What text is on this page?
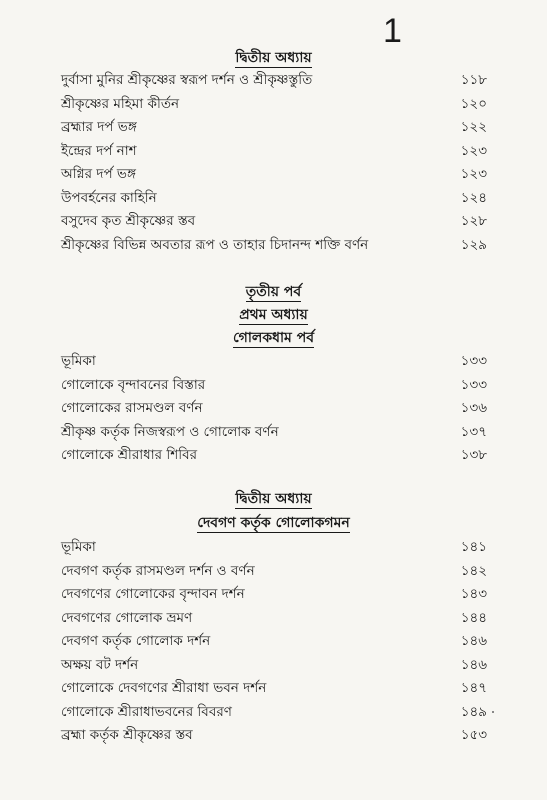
1
দ্বিতীয় অধ্যায়
দুর্বাসা মুনির শ্রীকৃষ্ণের স্বরূপ দর্শন ও শ্রীকৃষ্ণস্তুতি	১১৮
শ্রীকৃষ্ণের মহিমা কীর্তন	১২০
ব্রহ্মার দর্প ভঙ্গ	১২২
ইন্দ্রের দর্প নাশ	১২৩
অগ্নির দর্প ভঙ্গ	১২৩
উপবর্হনের কাহিনি	১২৪
বসুদেব কৃত শ্রীকৃষ্ণের স্তব	১২৮
শ্রীকৃষ্ণের বিভিন্ন অবতার রূপ ও তাহার চিদানন্দ শক্তি বর্ণন	১২৯
তৃতীয় পর্ব
প্রথম অধ্যায়
গোলকধাম পর্ব
ভূমিকা	১৩৩
গোলোকে বৃন্দাবনের বিস্তার	১৩৩
গোলোকের রাসমণ্ডল বর্ণন	১৩৬
শ্রীকৃষ্ণ কর্তৃক নিজস্বরূপ ও গোলোক বর্ণন	১৩৭
গোলোকে শ্রীরাধার শিবির	১৩৮
দ্বিতীয় অধ্যায়
দেবগণ কর্তৃক গোলোকগমন
ভূমিকা	১৪১
দেবগণ কর্তৃক রাসমণ্ডল দর্শন ও বর্ণন	১৪২
দেবগণের গোলোকের বৃন্দাবন দর্শন	১৪৩
দেবগণের গোলোক ভ্রমণ	১৪৪
দেবগণ কর্তৃক গোলোক দর্শন	১৪৬
অক্ষয় বট দর্শন	১৪৬
গোলোকে দেবগণের শ্রীরাধা ভবন দর্শন	১৪৭
গোলোকে শ্রীরাধাভবনের বিবরণ	১৪৯
ব্রহ্মা কর্তৃক শ্রীকৃষ্ণের স্তব	১৫৩
